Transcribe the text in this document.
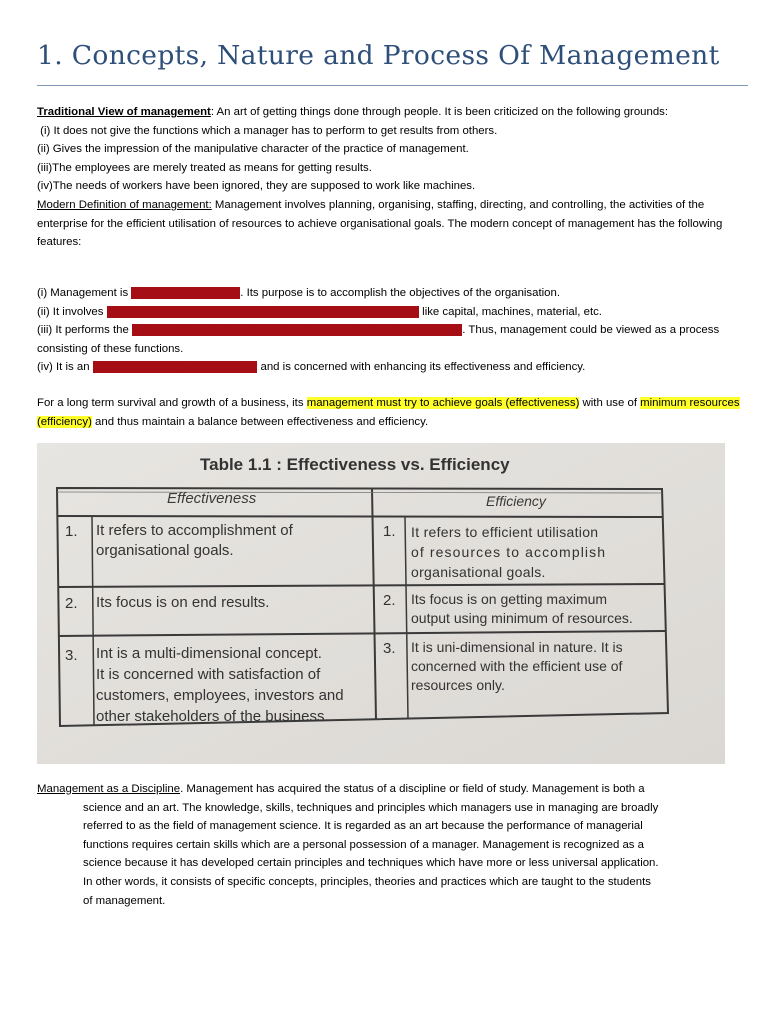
1. Concepts, Nature and Process Of Management
Traditional View of management: An art of getting things done through people. It is been criticized on the following grounds:
(i) It does not give the functions which a manager has to perform to get results from others.
(ii) Gives the impression of the manipulative character of the practice of management.
(iii)The employees are merely treated as means for getting results.
(iv)The needs of workers have been ignored, they are supposed to work like machines.
Modern Definition of management: Management involves planning, organising, staffing, directing, and controlling, the activities of the enterprise for the efficient utilisation of resources to achieve organisational goals. The modern concept of management has the following features:
(i) Management is goal oriented process. Its purpose is to accomplish the objectives of the organisation.
(ii) It involves effective and efficient utilisation of human and other resources like capital, machines, material, etc.
(iii) It performs the function of planning, organising, staffing, directing, and controlling. Thus, management could be viewed as a process consisting of these functions.
(iv) It is an integral part of any group activity and is concerned with enhancing its effectiveness and efficiency.
For a long term survival and growth of a business, its management must try to achieve goals (effectiveness) with use of minimum resources (efficiency) and thus maintain a balance between effectiveness and efficiency.
Table 1.1 : Effectiveness vs. Efficiency
Effectiveness	Efficiency
1. It refers to accomplishment of
organisational goals.
1. It refers to efficient utilisation
of resources to accomplish
organisational goals.
2. Its focus is on end results.	2. Its focus is on getting maximum
output using minimum of resources.
3. Int is a multi-dimensional concept.
It is concerned with satisfaction of
customers, employees, investors and
other stakeholders of the business.
3. It is uni-dimensional in nature. It is
concerned with the efficient use of
resources only.
Management as a Discipline. Management has acquired the status of a discipline or field of study. Management is both a
science and an art. The knowledge, skills, techniques and principles which managers use in managing are broadly
referred to as the field of management science. It is regarded as an art because the performance of managerial
functions requires certain skills which are a personal possession of a manager. Management is recognized as a
science because it has developed certain principles and techniques which have more or less universal application.
In other words, it consists of specific concepts, principles, theories and practices which are taught to the students
of management.
